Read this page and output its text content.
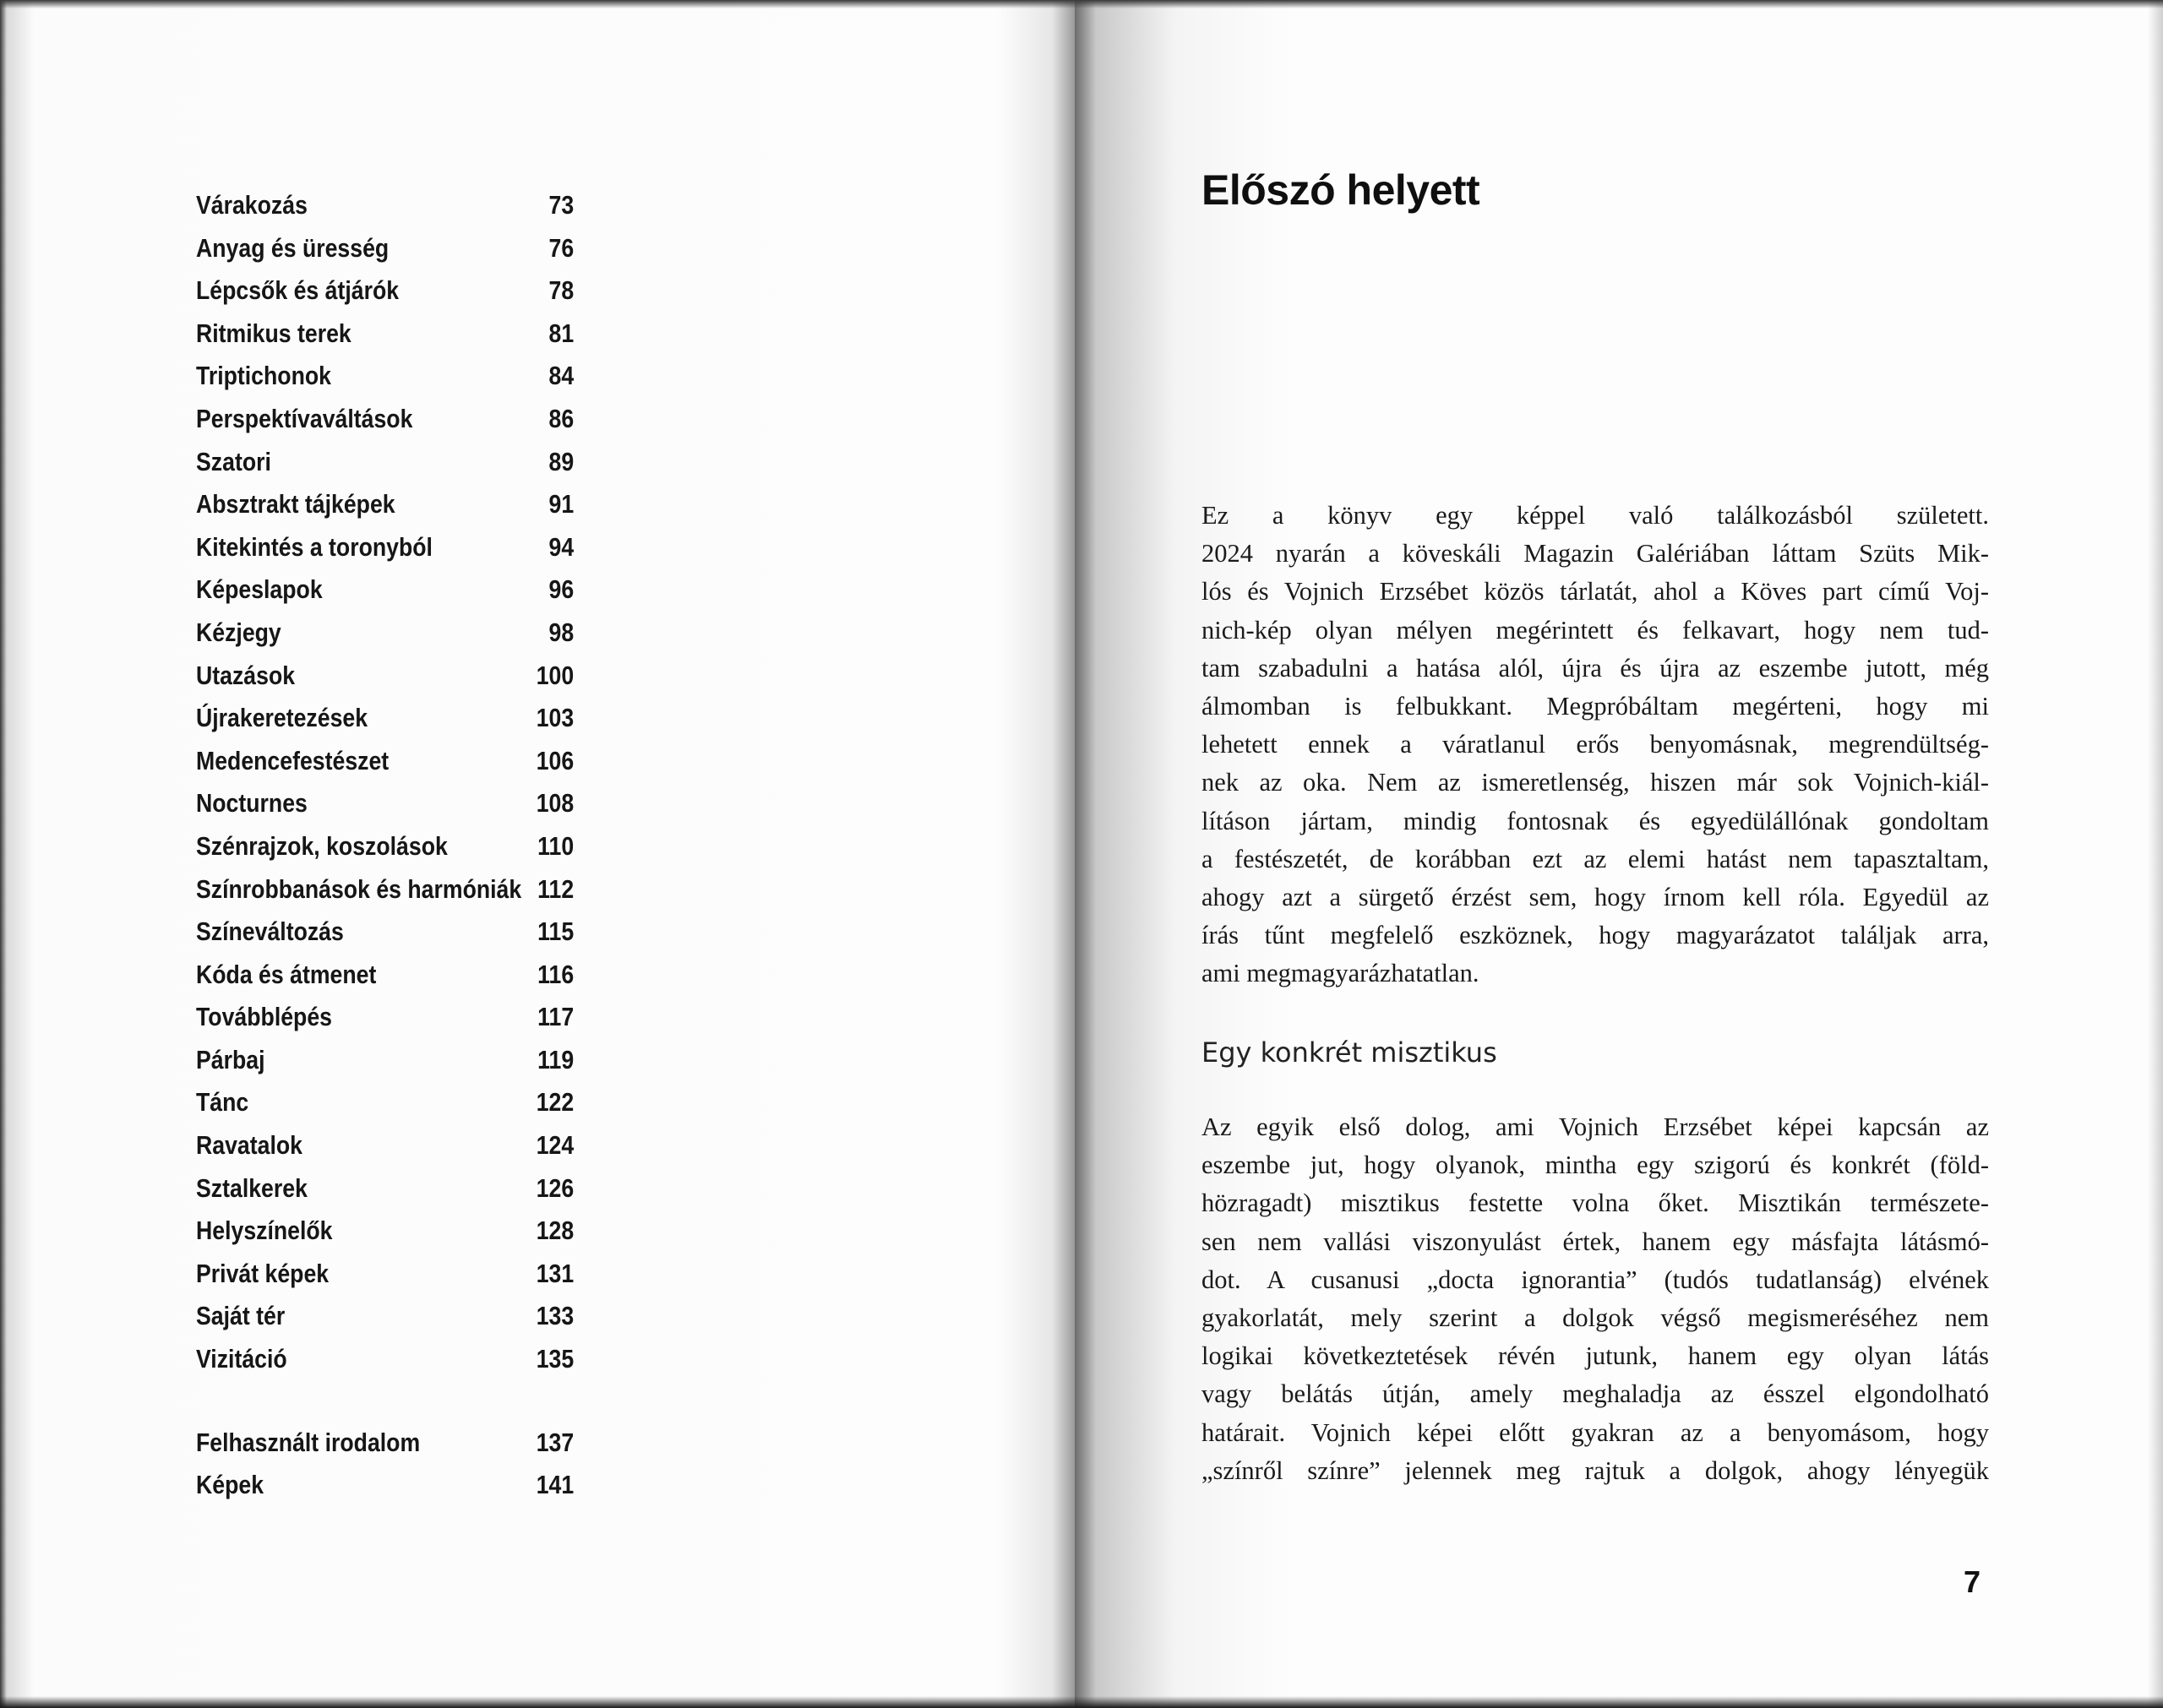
Várakozás	73
Anyag és üresség	76
Lépcsők és átjárók	78
Ritmikus terek	81
Triptichonok	84
Perspektívaváltások	86
Szatori	89
Absztrakt tájképek	91
Kitekintés a toronyból	94
Képeslapok	96
Kézjegy	98
Utazások	100
Újrakeretezések	103
Medencefestészet	106
Nocturnes	108
Szénrajzok, koszolások	110
Színrobbanások és harmóniák 112
Színeváltozás	115
Kóda és átmenet	116
Továbblépés	117
Párbaj	119
Tánc	122
Ravatalok	124
Sztalkerek	126
Helyszínelők	128
Privát képek	131
Saját tér	133
Vizitáció	135
Felhasznált irodalom	137
Képek	141
Előszó helyett
Ez a könyv egy képpel való találkozásból született.
2024 nyarán a köveskáli Magazin Galériában láttam Szüts Mik-
lós és Vojnich Erzsébet közös tárlatát, ahol a Köves part című Voj-
nich-kép olyan mélyen megérintett és felkavart, hogy nem tud-
tam szabadulni a hatása alól, újra és újra az eszembe jutott, még
álmomban is felbukkant. Megpróbáltam megérteni, hogy mi
lehetett ennek a váratlanul erős benyomásnak, megrendültség-
nek az oka. Nem az ismeretlenség, hiszen már sok Vojnich-kiál-
lításon jártam, mindig fontosnak és egyedülállónak gondoltam
a festészetét, de korábban ezt az elemi hatást nem tapasztaltam,
ahogy azt a sürgető érzést sem, hogy írnom kell róla. Egyedül az
írás tűnt megfelelő eszköznek, hogy magyarázatot találjak arra,
ami megmagyarázhatatlan.
Egy konkrét misztikus
Az egyik első dolog, ami Vojnich Erzsébet képei kapcsán az
eszembe jut, hogy olyanok, mintha egy szigorú és konkrét (föld-
hözragadt) misztikus festette volna őket. Misztikán természete-
sen nem vallási viszonyulást értek, hanem egy másfajta látásmó-
dot. A cusanusi „docta ignorantia” (tudós tudatlanság) elvének
gyakorlatát, mely szerint a dolgok végső megismeréséhez nem
logikai következtetések révén jutunk, hanem egy olyan látás
vagy belátás útján, amely meghaladja az ésszel elgondolható
határait. Vojnich képei előtt gyakran az a benyomásom, hogy
„színről színre” jelennek meg rajtuk a dolgok, ahogy lényegük
7
